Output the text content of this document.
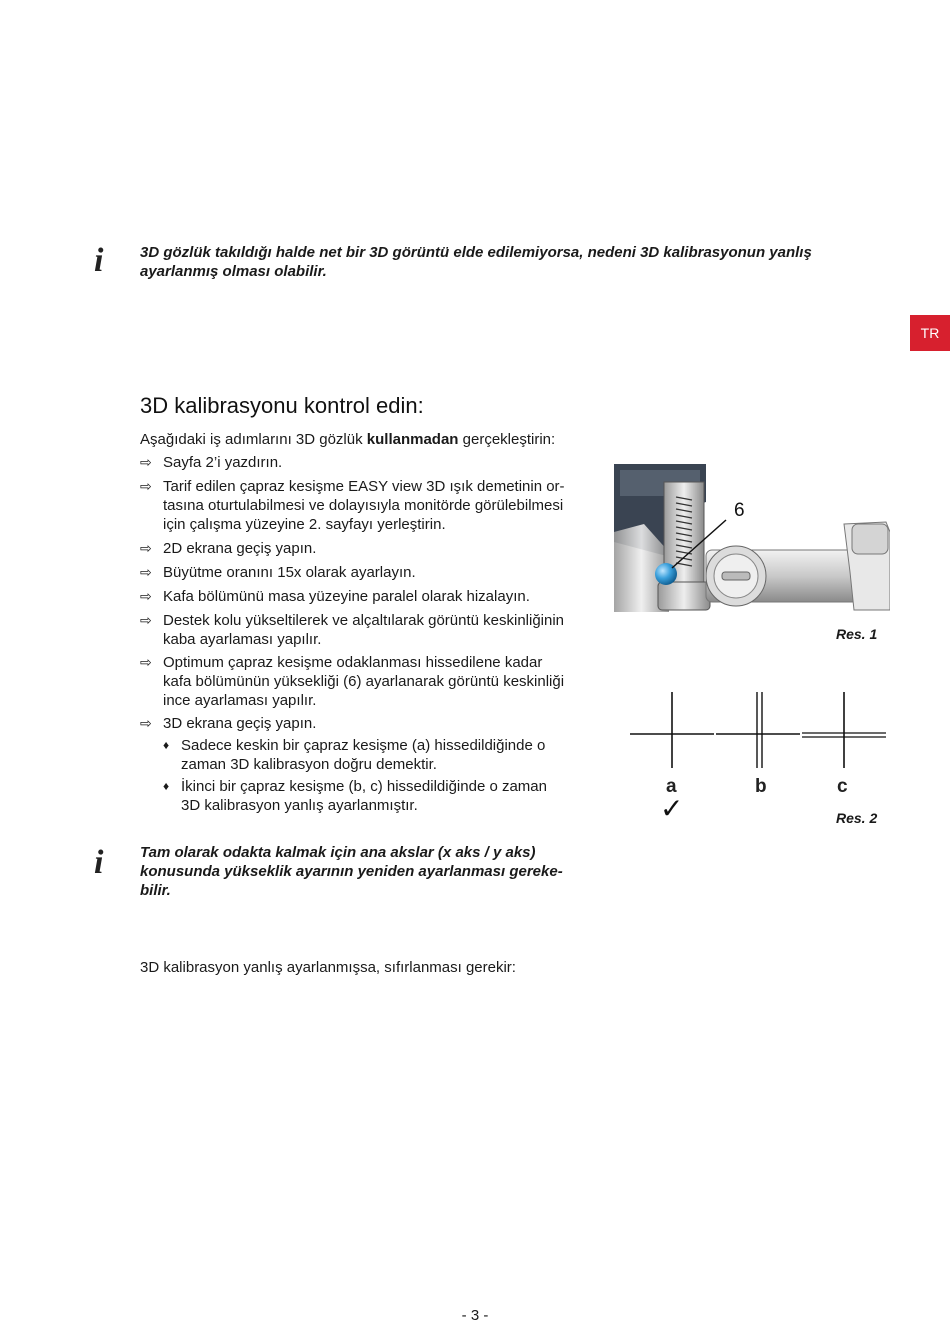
i 3D gözlük takıldığı halde net bir 3D görüntü elde edilemiyorsa, nedeni 3D kalibrasyonun yanlış
ayarlanmış olması olabilir.
TR
3D kalibrasyonu kontrol edin:
Aşağıdaki iş adımlarını 3D gözlük kullanmadan gerçekleştirin:
⇨ Sayfa 2’i yazdırın.
⇨ Tarif edilen çapraz kesişme EASY view 3D ışık demetinin or-
tasına oturtulabilmesi ve dolayısıyla monitörde görülebilmesi
için çalışma yüzeyine 2. sayfayı yerleştirin.
⇨ 2D ekrana geçiş yapın.
⇨ Büyütme oranını 15x olarak ayarlayın.
⇨ Kafa bölümünü masa yüzeyine paralel olarak hizalayın.
⇨ Destek kolu yükseltilerek ve alçaltılarak görüntü keskinliğinin
kaba ayarlaması yapılır.
⇨ Optimum çapraz kesişme odaklanması hissedilene kadar
kafa bölümünün yüksekliği (6) ayarlanarak görüntü keskinliği
ince ayarlaması yapılır.
⇨ 3D ekrana geçiş yapın.
♦ Sadece keskin bir çapraz kesişme (a) hissedildiğinde o
zaman 3D kalibrasyon doğru demektir.
♦ İkinci bir çapraz kesişme (b, c) hissedildiğinde o zaman
3D kalibrasyon yanlış ayarlanmıştır.
6
Res. 1
a	b	c
✓	Res. 2
i Tam olarak odakta kalmak için ana akslar (x aks / y aks)
konusunda yükseklik ayarının yeniden ayarlanması gereke-
bilir.
3D kalibrasyon yanlış ayarlanmışsa, sıfırlanması gerekir:
- 3 -
